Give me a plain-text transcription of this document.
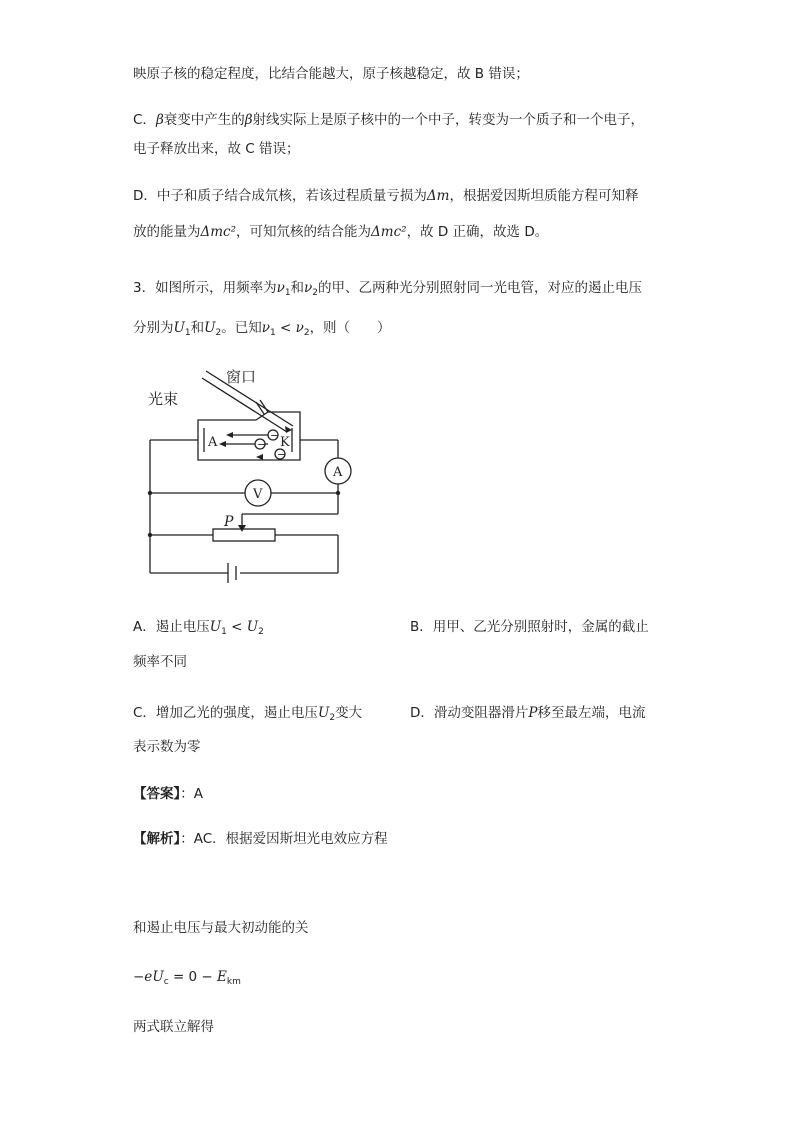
映原子核的稳定程度，比结合能越大，原子核越稳定，故 B 错误；
C．β衰变中产生的β射线实际上是原子核中的一个中子，转变为一个质子和一个电子，
电子释放出来，故 C 错误；
D．中子和质子结合成氘核，若该过程质量亏损为Δm，根据爱因斯坦质能方程可知释
放的能量为Δmc²，可知氘核的结合能为Δmc²，故 D 正确，故选 D。
3．如图所示，用频率为$\nu_1$和$\nu_2$的甲、乙两种光分别照射同一光电管，对应的遏止电压
分别为$U_1$和$U_2$。已知$\nu_1 < \nu_2$，则（　　）
窗口
光束
A	K
A
V
P
−
−
−
A．遏止电压$U_1 < U_2$	B．用甲、乙光分别照射时，金属的截止
频率不同
C．增加乙光的强度，遏止电压$U_2$变大	D．滑动变阻器滑片P移至最左端，电流
表示数为零
【答案】：A
【解析】：AC．根据爱因斯坦光电效应方程
和遏止电压与最大初动能的关
$-eU_c = 0 - E_{km}$
两式联立解得
